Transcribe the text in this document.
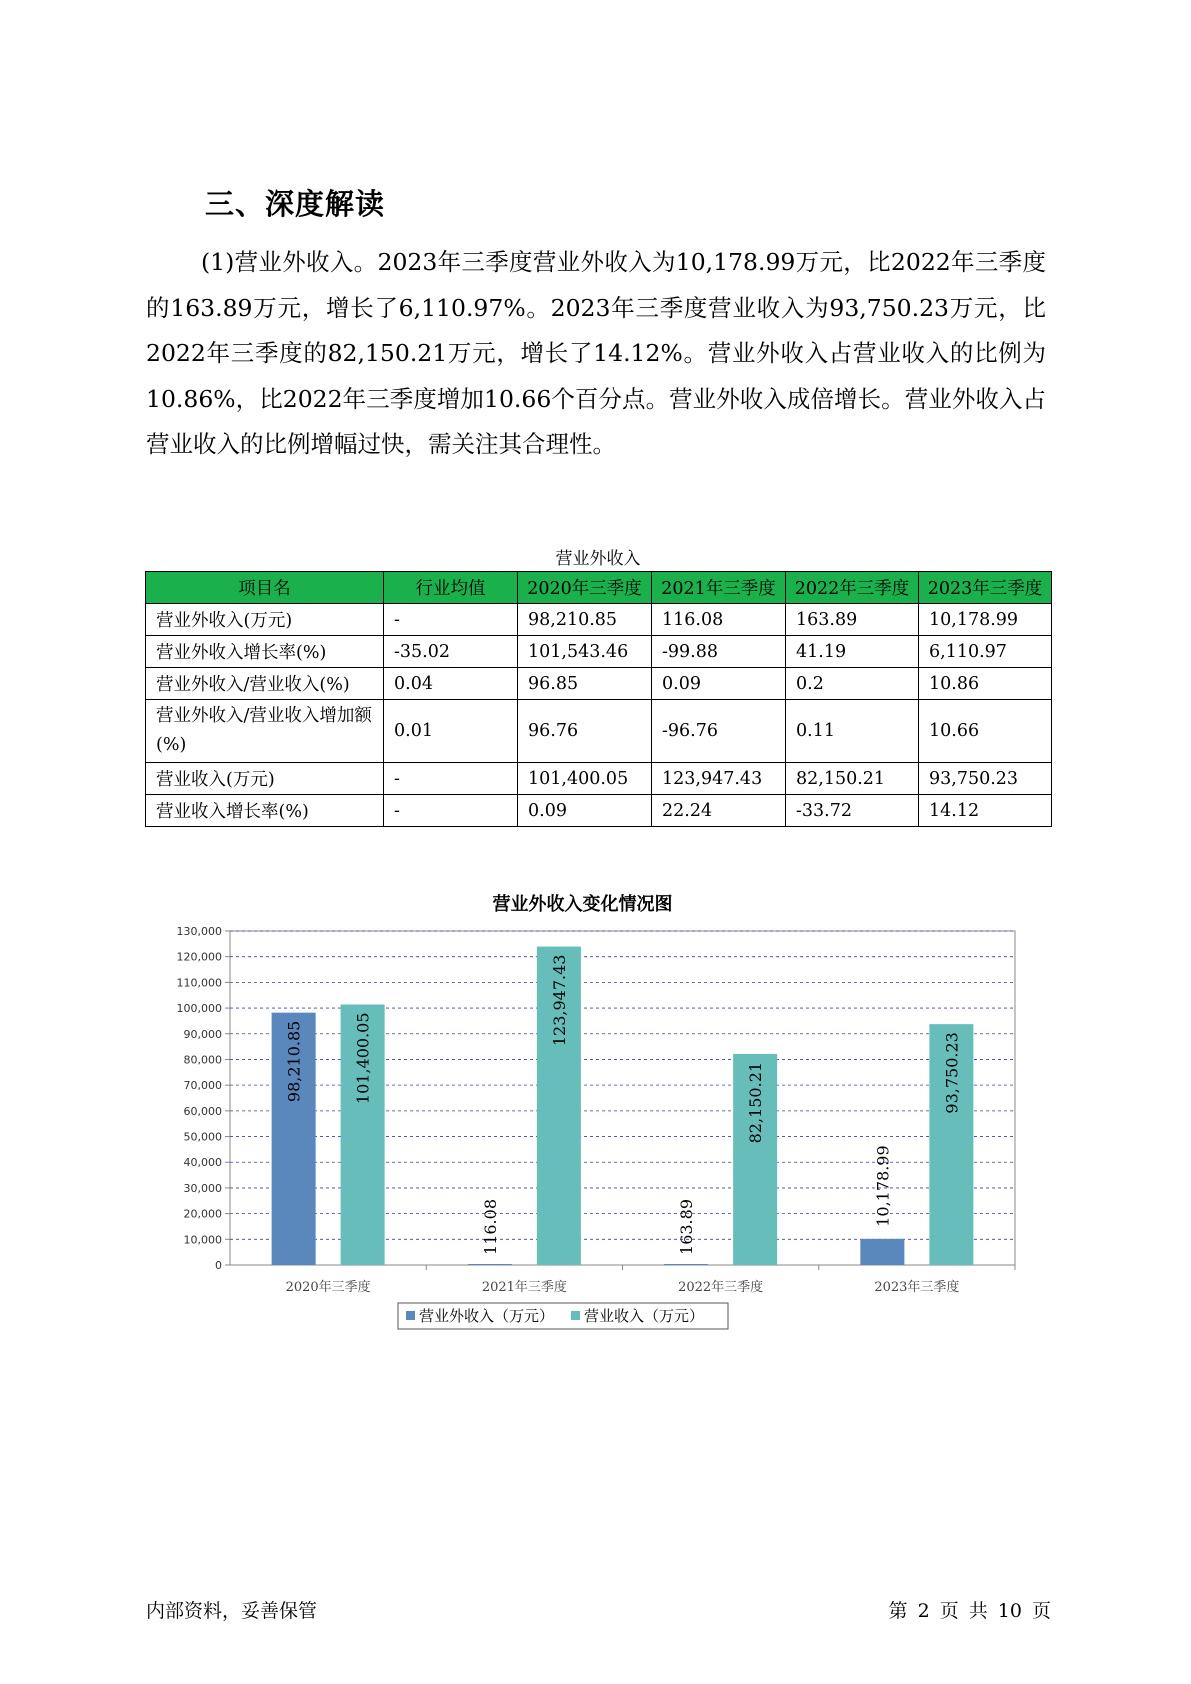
三、深度解读
(1)营业外收入。2023年三季度营业外收入为10,178.99万元，比2022年三季度的163.89万元，增长了6,110.97%。2023年三季度营业收入为93,750.23万元，比2022年三季度的82,150.21万元，增长了14.12%。营业外收入占营业收入的比例为10.86%，比2022年三季度增加10.66个百分点。营业外收入成倍增长。营业外收入占营业收入的比例增幅过快，需关注其合理性。
营业外收入
项目名	行业均值	2020年三季度	2021年三季度	2022年三季度	2023年三季度
营业外收入(万元)	-	98,210.85	116.08	163.89	10,178.99
营业外收入增长率(%)	-35.02	101,543.46	-99.88	41.19	6,110.97
营业外收入/营业收入(%)	0.04	96.85	0.09	0.2	10.86
营业外收入/营业收入增加额(%)	0.01	96.76	-96.76	0.11	10.66
营业收入(万元)	-	101,400.05	123,947.43	82,150.21	93,750.23
营业收入增长率(%)	-	0.09	22.24	-33.72	14.12
营业外收入变化情况图
0
10,000
20,000
30,000
40,000
50,000
60,000
70,000
80,000
90,000
100,000
110,000
120,000
130,000
2020年三季度
98,210.85	101,400.05
2021年三季度
116.08
123,947.43
2022年三季度
163.89
82,150.21
2023年三季度
10,178.99
93,750.23
营业外收入（万元） 营业收入（万元）
内部资料，妥善保管	第 2 页 共 10 页
